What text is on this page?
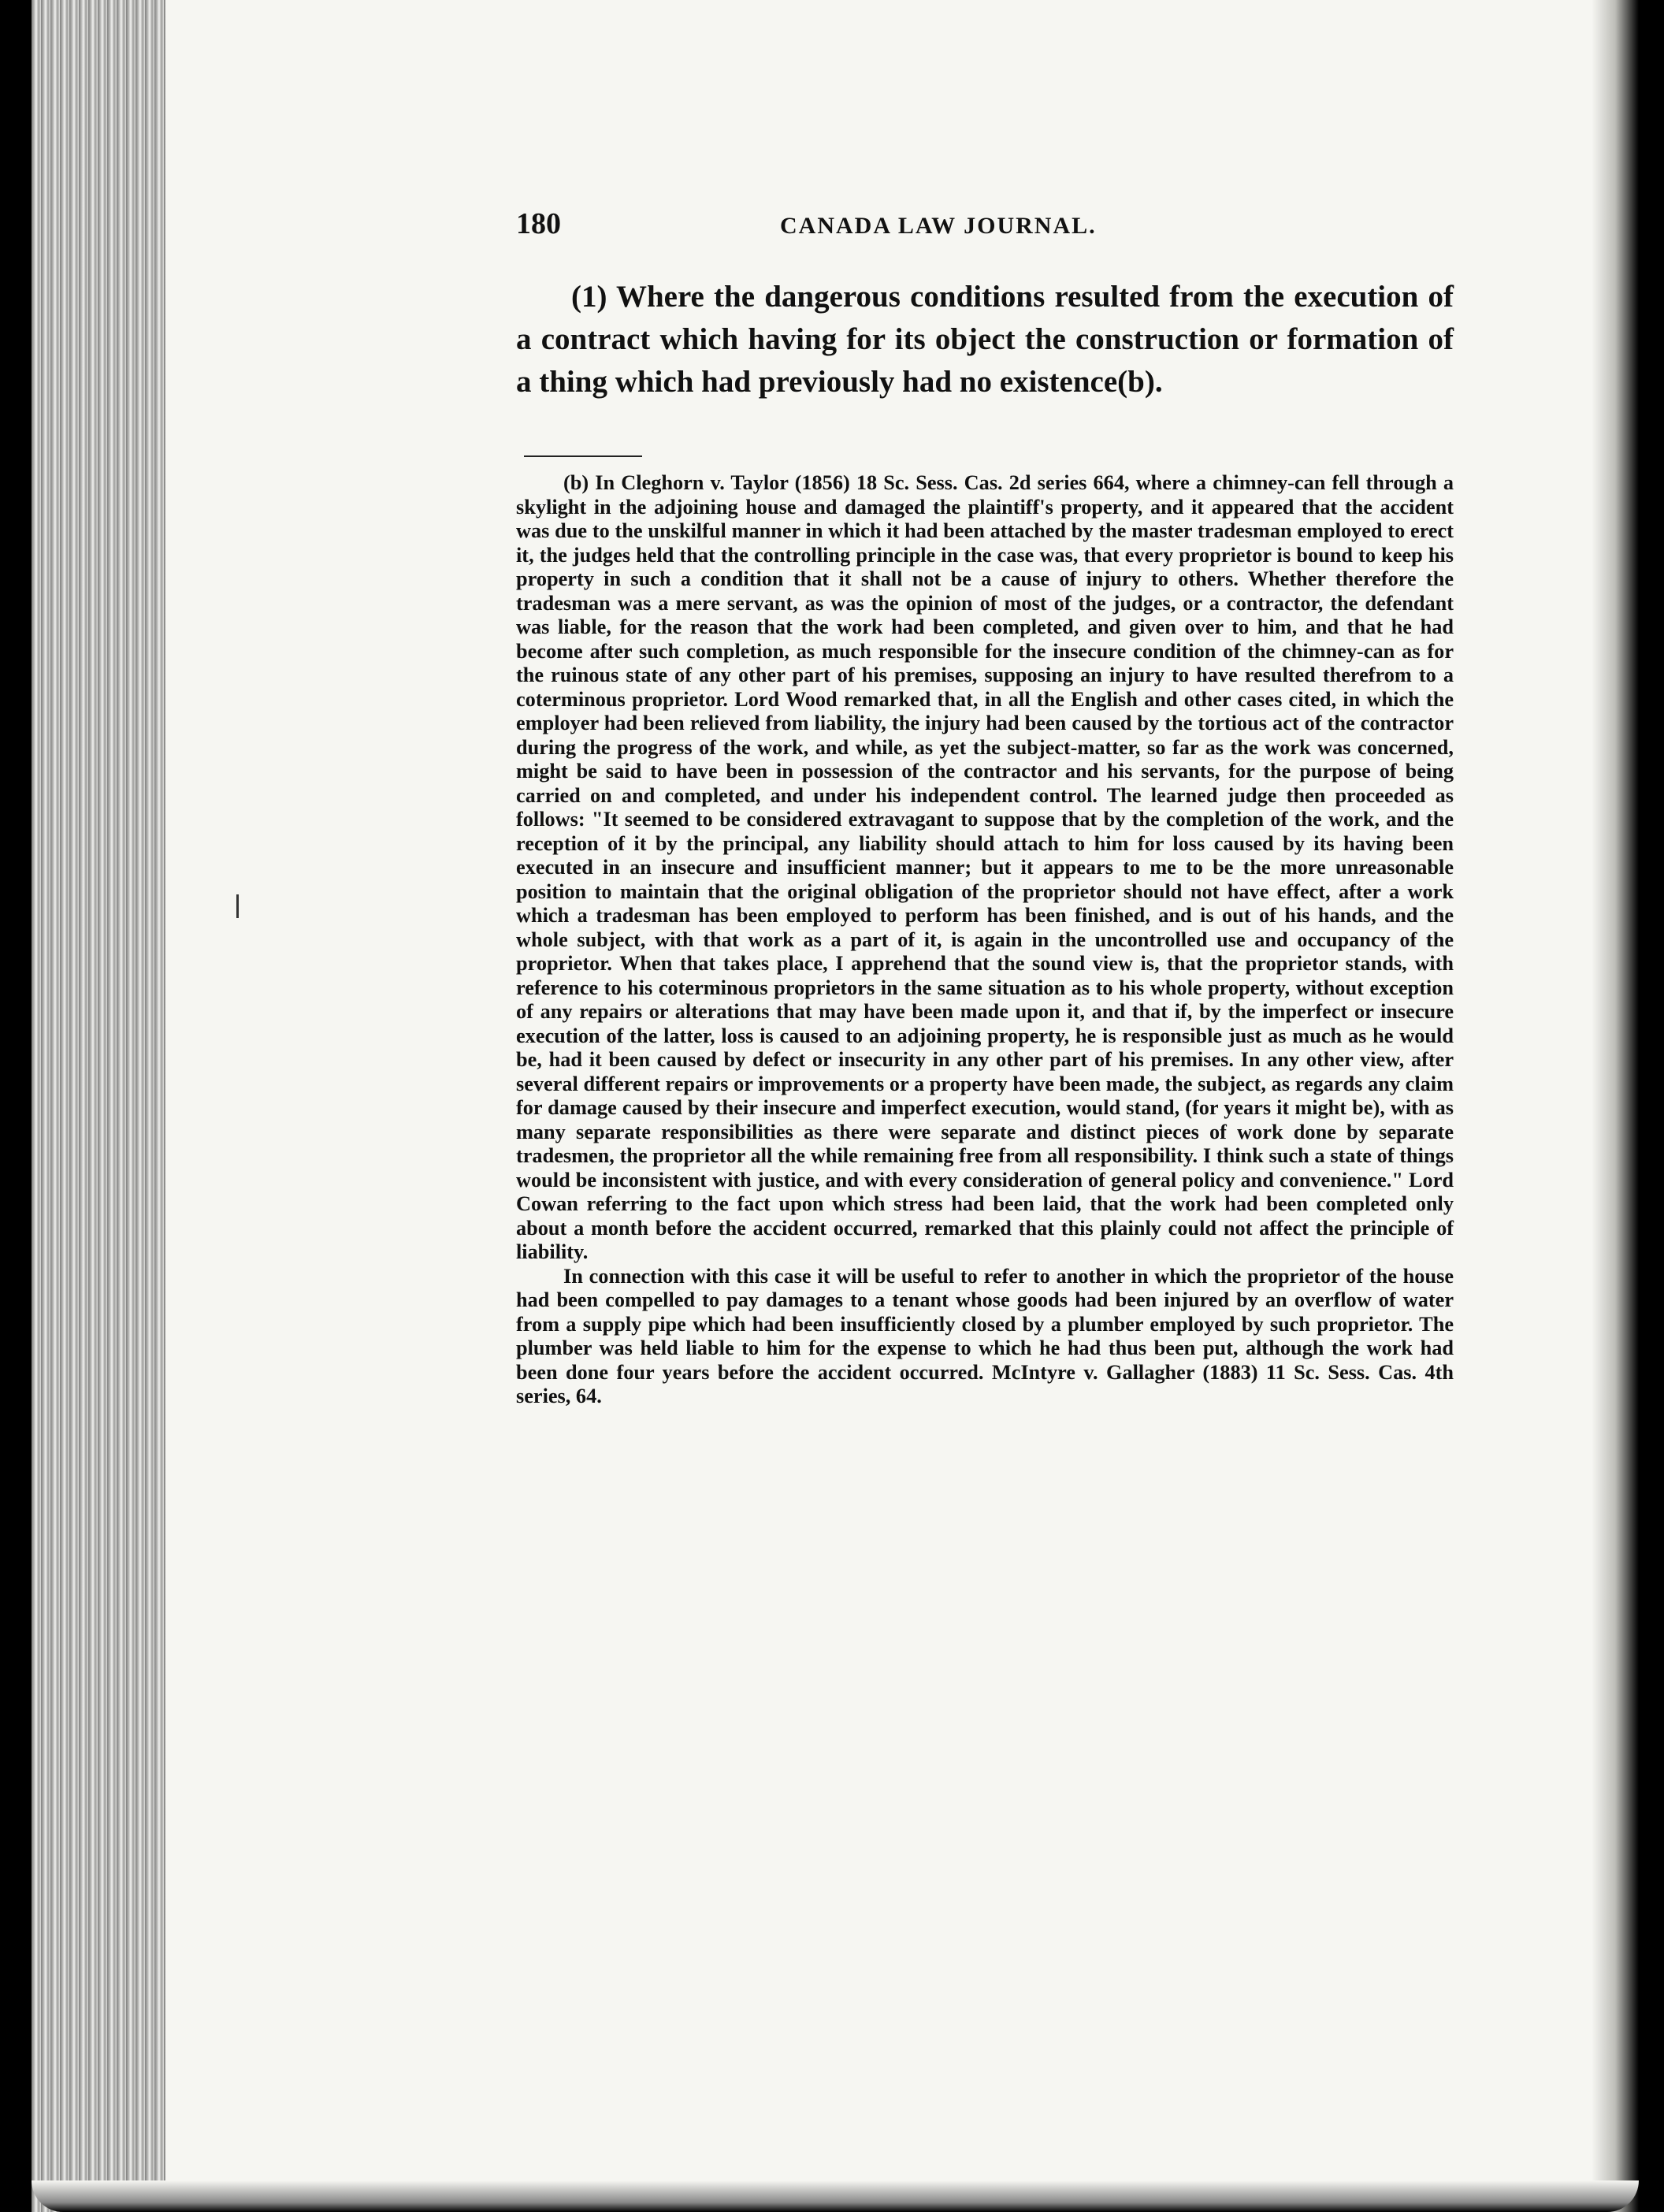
180	CANADA LAW JOURNAL.

(1) Where the dangerous conditions resulted from the execution of a contract which having for its object the construction or formation of a thing which had previously had no existence(b).

(b) In Cleghorn v. Taylor (1856) 18 Sc. Sess. Cas. 2d series 664, where a chimney-can fell through a skylight in the adjoining house and damaged the plaintiff's property, and it appeared that the accident was due to the unskilful manner in which it had been attached by the master tradesman employed to erect it, the judges held that the controlling principle in the case was, that every proprietor is bound to keep his property in such a condition that it shall not be a cause of injury to others. Whether therefore the tradesman was a mere servant, as was the opinion of most of the judges, or a contractor, the defendant was liable, for the reason that the work had been completed, and given over to him, and that he had become after such completion, as much responsible for the insecure condition of the chimney-can as for the ruinous state of any other part of his premises, supposing an injury to have resulted therefrom to a coterminous proprietor. Lord Wood remarked that, in all the English and other cases cited, in which the employer had been relieved from liability, the injury had been caused by the tortious act of the contractor during the progress of the work, and while, as yet the subject-matter, so far as the work was concerned, might be said to have been in possession of the contractor and his servants, for the purpose of being carried on and completed, and under his independent control. The learned judge then proceeded as follows: "It seemed to be considered extravagant to suppose that by the completion of the work, and the reception of it by the principal, any liability should attach to him for loss caused by its having been executed in an insecure and insufficient manner; but it appears to me to be the more unreasonable position to maintain that the original obligation of the proprietor should not have effect, after a work which a tradesman has been employed to perform has been finished, and is out of his hands, and the whole subject, with that work as a part of it, is again in the uncontrolled use and occupancy of the proprietor. When that takes place, I apprehend that the sound view is, that the proprietor stands, with reference to his coterminous proprietors in the same situation as to his whole property, without exception of any repairs or alterations that may have been made upon it, and that if, by the imperfect or insecure execution of the latter, loss is caused to an adjoining property, he is responsible just as much as he would be, had it been caused by defect or insecurity in any other part of his premises. In any other view, after several different repairs or improvements or a property have been made, the subject, as regards any claim for damage caused by their insecure and imperfect execution, would stand, (for years it might be), with as many separate responsibilities as there were separate and distinct pieces of work done by separate tradesmen, the proprietor all the while remaining free from all responsibility. I think such a state of things would be inconsistent with justice, and with every consideration of general policy and convenience." Lord Cowan referring to the fact upon which stress had been laid, that the work had been completed only about a month before the accident occurred, remarked that this plainly could not affect the principle of liability.

In connection with this case it will be useful to refer to another in which the proprietor of the house had been compelled to pay damages to a tenant whose goods had been injured by an overflow of water from a supply pipe which had been insufficiently closed by a plumber employed by such proprietor. The plumber was held liable to him for the expense to which he had thus been put, although the work had been done four years before the accident occurred. McIntyre v. Gallagher (1883) 11 Sc. Sess. Cas. 4th series, 64.
